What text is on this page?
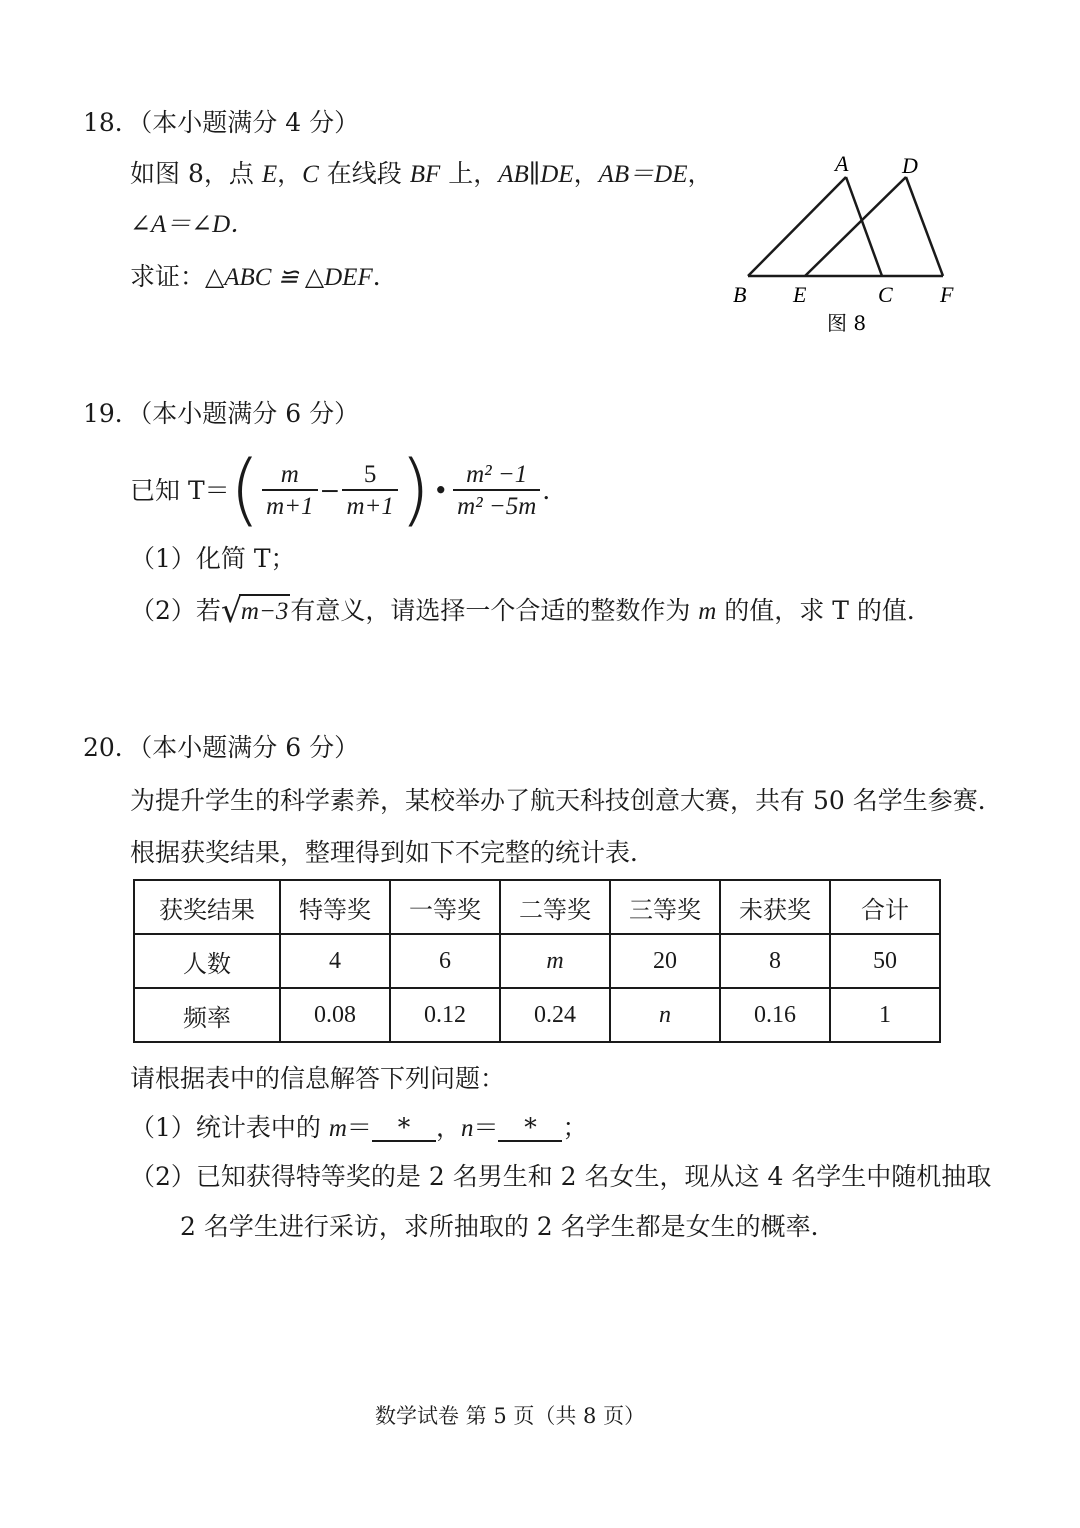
18．（本小题满分 4 分）
如图 8，点 E，C 在线段 BF 上，AB∥DE，AB＝DE，
∠A＝∠D．
求证：△ABC ≌ △DEF．
A D
B E	C F
图 8
19．（本小题满分 6 分）
已知 T＝ ( $\frac{m}{m+1} - \frac{5}{m+1}$ ) • $\frac{\text{m² −1}}{\text{m² −5m}}$ ．
（1）化简 T；
（2）若 √
m−3有意义，请选择一个合适的整数作为 m 的值，求 T 的值．
20．（本小题满分 6 分）
为提升学生的科学素养，某校举办了航天科技创意大赛，共有 50 名学生参赛．
根据获奖结果，整理得到如下不完整的统计表．
获奖结果	特等奖	一等奖	二等奖	三等奖	未获奖	合计
人数	4	6	m	20	8	50
频率	0.08	0.12	0.24	n	0.16	1
请根据表中的信息解答下列问题：
（1）统计表中的 m＝ * ，n＝ * ；
（2）已知获得特等奖的是 2 名男生和 2 名女生，现从这 4 名学生中随机抽取
2 名学生进行采访，求所抽取的 2 名学生都是女生的概率．
数学试卷 第 5 页（共 8 页）
